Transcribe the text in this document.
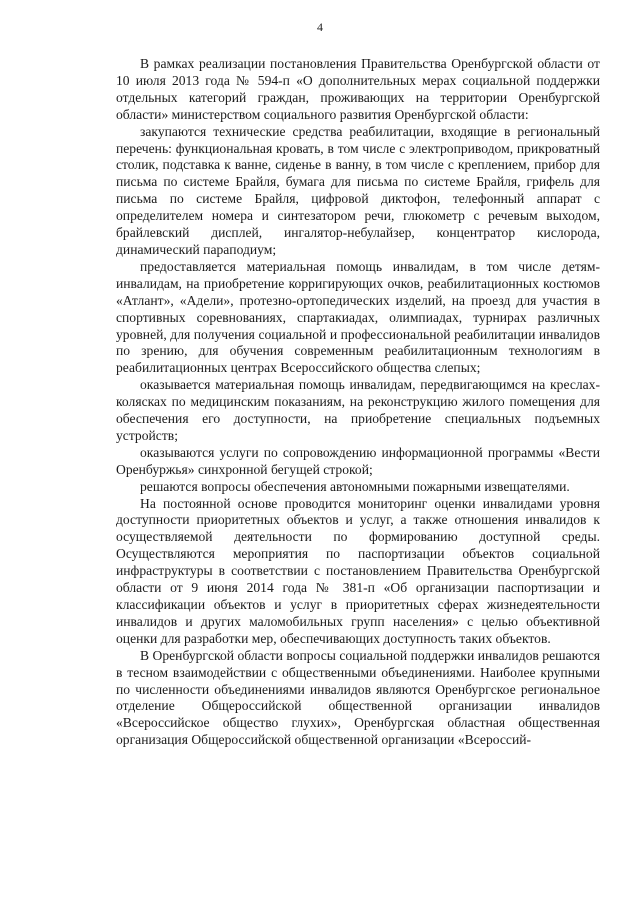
4

В рамках реализации постановления Правительства Оренбургской области от 10 июля 2013 года № 594-п «О дополнительных мерах социальной поддержки отдельных категорий граждан, проживающих на территории Оренбургской области» министерством социального развития Оренбургской области:

закупаются технические средства реабилитации, входящие в региональный перечень: функциональная кровать, в том числе с электроприводом, прикроватный столик, подставка к ванне, сиденье в ванну, в том числе с креплением, прибор для письма по системе Брайля, бумага для письма по системе Брайля, грифель для письма по системе Брайля, цифровой диктофон, телефонный аппарат с определителем номера и синтезатором речи, глюкометр с речевым выходом, брайлевский дисплей, ингалятор-небулайзер, концентратор кислорода, динамический парaподиум;

предоставляется материальная помощь инвалидам, в том числе детям-инвалидам, на приобретение корригирующих очков, реабилитационных костюмов «Атлант», «Адели», протезно-ортопедических изделий, на проезд для участия в спортивных соревнованиях, спартакиадах, олимпиадах, турнирах различных уровней, для получения социальной и профессиональной реабилитации инвалидов по зрению, для обучения современным реабилитационным технологиям в реабилитационных центрах Всероссийского общества слепых;

оказывается материальная помощь инвалидам, передвигающимся на креслах-колясках по медицинским показаниям, на реконструкцию жилого помещения для обеспечения его доступности, на приобретение специальных подъемных устройств;

оказываются услуги по сопровождению информационной программы «Вести Оренбуржья» синхронной бегущей строкой;

решаются вопросы обеспечения автономными пожарными извещателями.

На постоянной основе проводится мониторинг оценки инвалидами уровня доступности приоритетных объектов и услуг, а также отношения инвалидов к осуществляемой деятельности по формированию доступной среды. Осуществляются мероприятия по паспортизации объектов социальной инфраструктуры в соответствии с постановлением Правительства Оренбургской области от 9 июня 2014 года № 381-п «Об организации паспортизации и классификации объектов и услуг в приоритетных сферах жизнедеятельности инвалидов и других маломобильных групп населения» с целью объективной оценки для разработки мер, обеспечивающих доступность таких объектов.

В Оренбургской области вопросы социальной поддержки инвалидов решаются в тесном взаимодействии с общественными объединениями. Наиболее крупными по численности объединениями инвалидов являются Оренбургское региональное отделение Общероссийской общественной организации инвалидов «Всероссийское общество глухих», Оренбургская областная общественная организация Общероссийской общественной организации «Всероссий-
